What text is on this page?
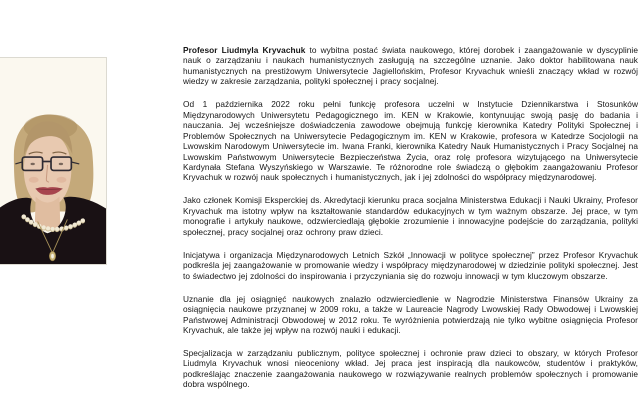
Profesor Liudmyla Kryvachuk to wybitna postać świata naukowego, której dorobek i zaangażowanie w dyscyplinie nauk o zarządzaniu i naukach humanistycznych zasługują na szczególne uznanie. Jako doktor habilitowana nauk humanistycznych na prestiżowym Uniwersytecie Jagiellońskim, Profesor Kryvachuk wnieśli znaczący wkład w rozwój wiedzy w zakresie zarządzania, polityki społecznej i pracy socjalnej.

Od 1 października 2022 roku pełni funkcję profesora uczelni w Instytucie Dziennikarstwa i Stosunków Międzynarodowych Uniwersytetu Pedagogicznego im. KEN w Krakowie, kontynuując swoją pasję do badania i nauczania. Jej wcześniejsze doświadczenia zawodowe obejmują funkcję kierownika Katedry Polityki Społecznej i Problemów Społecznych na Uniwersytecie Pedagogicznym im. KEN w Krakowie, profesora w Katedrze Socjologii na Lwowskim Narodowym Uniwersytecie im. Iwana Franki, kierownika Katedry Nauk Humanistycznych i Pracy Socjalnej na Lwowskim Państwowym Uniwersytecie Bezpieczeństwa Życia, oraz rolę profesora wizytującego na Uniwersytecie Kardynała Stefana Wyszyńskiego w Warszawie. Te różnorodne role świadczą o głębokim zaangażowaniu Profesor Kryvachuk w rozwój nauk społecznych i humanistycznych, jak i jej zdolności do współpracy międzynarodowej.

Jako członek Komisji Eksperckiej ds. Akredytacji kierunku praca socjalna Ministerstwa Edukacji i Nauki Ukrainy, Profesor Kryvachuk ma istotny wpływ na kształtowanie standardów edukacyjnych w tym ważnym obszarze. Jej prace, w tym monografie i artykuły naukowe, odzwierciedlają głębokie zrozumienie i innowacyjne podejście do zarządzania, polityki społecznej, pracy socjalnej oraz ochrony praw dzieci.

Inicjatywa i organizacja Międzynarodowych Letnich Szkół „Innowacji w polityce społecznej” przez Profesor Kryvachuk podkreśla jej zaangażowanie w promowanie wiedzy i współpracy międzynarodowej w dziedzinie polityki społecznej. Jest to świadectwo jej zdolności do inspirowania i przyczyniania się do rozwoju innowacji w tym kluczowym obszarze.

Uznanie dla jej osiągnięć naukowych znalazło odzwierciedlenie w Nagrodzie Ministerstwa Finansów Ukrainy za osiągnięcia naukowe przyznanej w 2009 roku, a także w Laureacie Nagrody Lwowskiej Rady Obwodowej i Lwowskiej Państwowej Administracji Obwodowej w 2012 roku. Te wyróżnienia potwierdzają nie tylko wybitne osiągnięcia Profesor Kryvachuk, ale także jej wpływ na rozwój nauki i edukacji.

Specjalizacja w zarządzaniu publicznym, polityce społecznej i ochronie praw dzieci to obszary, w których Profesor Liudmyla Kryvachuk wnosi nieoceniony wkład. Jej praca jest inspiracją dla naukowców, studentów i praktyków, podkreślając znaczenie zaangażowania naukowego w rozwiązywanie realnych problemów społecznych i promowanie dobra wspólnego.
